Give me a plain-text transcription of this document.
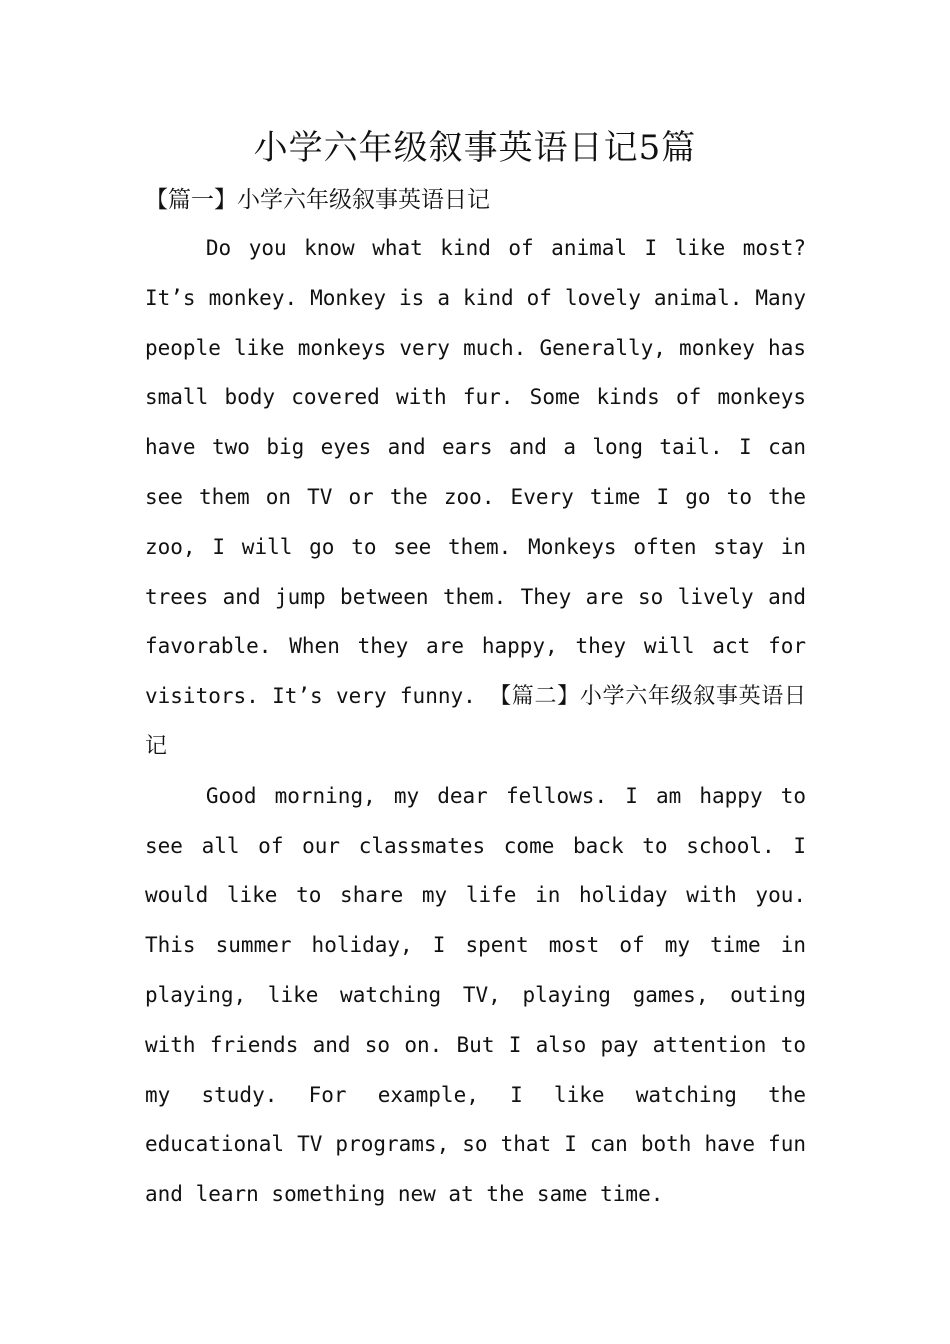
小学六年级叙事英语日记5篇
【篇一】小学六年级叙事英语日记

Do you know what kind of animal I like most? It’s monkey. Monkey is a kind of lovely animal. Many people like monkeys very much. Generally, monkey has small body covered with fur. Some kinds of monkeys have two big eyes and ears and a long tail. I can see them on TV or the zoo. Every time I go to the zoo, I will go to see them. Monkeys often stay in trees and jump between them. They are so lively and favorable. When they are happy, they will act for visitors. It’s very funny. 【篇二】小学六年级叙事英语日记

Good morning, my dear fellows. I am happy to see all of our classmates come back to school. I would like to share my life in holiday with you. This summer holiday, I spent most of my time in playing, like watching TV, playing games, outing with friends and so on. But I also pay attention to my study. For example, I like watching the educational TV programs, so that I can both have fun and learn something new at the same time.
